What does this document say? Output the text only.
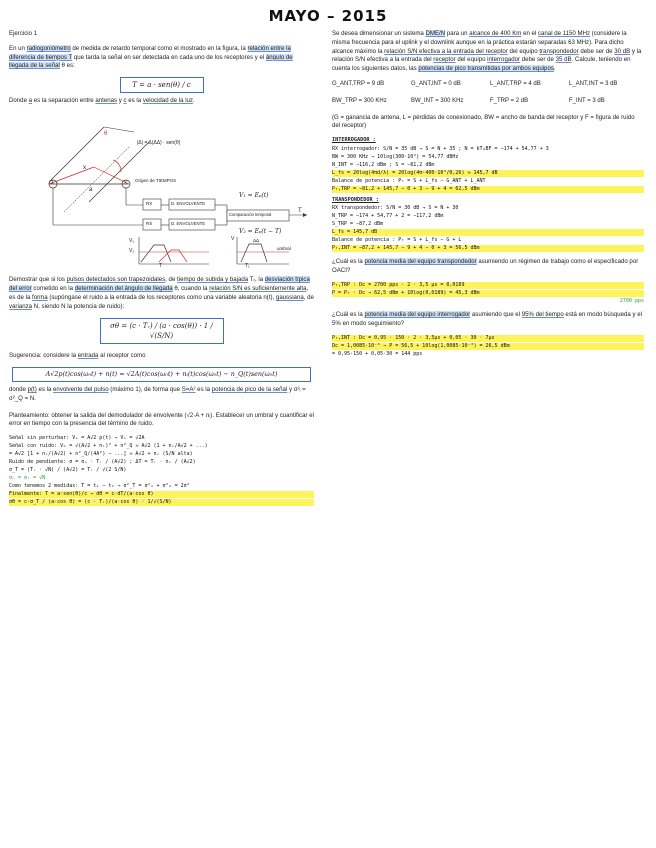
MAYO – 2015

Ejercicio 1

En un radiogoniómetro de medida de retardo temporal como el mostrado en la figura, la relación entre la diferencia de tiempos T que tarda la señal en ser detectada en cada uno de los receptores y el ángulo de llegada de la señal θ es:

T = a · sen(θ) / c

Donde a es la separación entre antenas y c es la velocidad de la luz.

|Δ| = Δ(ΔΔ) · sen(θ)
Origen de TIEMPOS
θ
a
x
1	2
RX
RX
D. ENVOLVENTE
D. ENVOLVENTE
Comparación temporal
V₁ = Eₚ(t)
V₂ = Eₚ(t − T)
T
V₁
V₂
T
V
umbral
T₁
ΔΔ

Demostrar que si los pulsos detectados son trapezoidales, de tiempo de subida y bajada Tᵣ, la desviación típica del error cometido en la determinación del ángulo de llegada θ, cuando la relación S/N es suficientemente alta, es de la forma (supóngase el ruido a la entrada de los receptores como una variable aleatoria n(t), gaussiana, de varianza N, siendo N la potencia de ruido):

σθ = (c · Tᵣ) / (a · cos(θ)) · 1 / √(S/N)

Sugerencia: considere la entrada al receptor como

A√2p(t)cos(ω₀t) + n(t) = √2A(t)cos(ω₀t) + nᵢ(t)cos(ω₀t) − n_Q(t)sen(ω₀t)

donde p(t) es la envolvente del pulso (máximo 1), de forma que S=A² es la potencia de pico de la señal y σ²ᵢ = σ²_Q = N.

Planteamiento: obtener la salida del demodulador de envolvente (√2·A + nᵢ). Establecer un umbral y cuantificar el error en tiempo con la presencia del término de ruido.

Señal sin perturbar: Vₛ = A√2 p(t) → Vₛ = √2A
Señal con ruido: Vₘ = √(A√2 + nᵢ)² + n²_Q ≈ A√2 (1 + nᵢ/A√2 + ...)
= A√2 [1 + nᵢ/(A√2) + n²_Q/(4A²) − ...] ≈ A√2 + nᵢ (S/N alta)
Ruido de pendiente: σ = σₙ · Tᵣ / (A√2) ; ΔT = Tᵣ · nᵢ / (A√2)
σ_T = (Tᵣ · √N) / (A√2) = Tᵣ / √(2 S/N)
σₙ = σᵢ = √N
Como tenemos 2 medidas: T = t₁ − t₂ → σ²_T = σ²₁ + σ²₂ = 2σ²
Finalmente: T = a·sen(θ)/c → dθ = c·dT/(a·cos θ)
σθ = c·σ_T / (a·cos θ) = (c · Tᵣ)/(a·cos θ) · 1/√(S/N)

Se desea dimensionar un sistema DME/N para un alcance de 400 Km en el canal de 1150 MHz (considere la misma frecuencia para el uplink y el downlink aunque en la práctica estarán separadas 63 MHz). Para dicho alcance máximo la relación S/N efectiva a la entrada del receptor del equipo transpondedor debe ser de 30 dB y la relación S/N efectiva a la entrada del receptor del equipo interrogador debe ser de 35 dB. Calcule, teniendo en cuenta los siguientes datos, las potencias de pico transmitidas por ambos equipos.

G_ANT,TRP = 9 dB	G_ANT,INT = 0 dB	L_ANT,TRP = 4 dB	L_ANT,INT = 3 dB
BW_TRP = 300 KHz	BW_INT = 300 KHz	F_TRP = 2 dB	F_INT = 3 dB

(G = ganancia de antena, L = pérdidas de conexionado, BW = ancho de banda del receptor y F = figura de ruido del receptor)

INTERROGADOR :
RX interrogador: S/N = 35 dB → S = N + 35 ; N = kT₀BF = −174 + 54,77 + 3
BW = 300 KHz → 10log(300·10³) = 54,77 dBHz
N_INT = −116,2 dBm ; S = −81,2 dBm
L_fs = 20log(4πd/λ) = 20log(4π·400·10³/0,26) ≈ 145,7 dB
Balance de potencia : Pₜ = S + L_fs − G_ANT + L_ANT
Pₜ,TRP = −81,2 + 145,7 − 0 + 3 − 9 + 4 = 62,5 dBm
TRANSPONDEDOR :
RX transpondedor: S/N = 30 dB → S = N + 30
N_TRP = −174 + 54,77 + 2 = −117,2 dBm
S_TRP = −87,2 dBm
L_fs = 145,7 dB
Balance de potencia : Pₜ = S + L_fs − G + L
Pₜ,INT = −87,2 + 145,7 − 9 + 4 − 0 + 3 = 56,5 dBm

¿Cuál es la potencia media del equipo transpondedor asumiendo un régimen de trabajo como el especificado por OACI?

P̄ₜ,TRP : Dc = 2700 pps · 2 · 3,5 μs = 0,0189
P̄ = Pₜ · Dc → 62,5 dBm + 10log(0,0189) = 45,3 dBm
2700 pps

¿Cuál es la potencia media del equipo interrogador asumiendo que el 95% del tiempo está en modo búsqueda y el 5% en modo seguimiento?

P̄ₜ,INT : Dc = 0,95 · 150 · 2 · 3,5μs + 0,05 · 30 · 7μs
Dc = 1,0085·10⁻³ → P̄ = 56,5 + 10log(1,0085·10⁻³) = 26,5 dBm
= 0,95·150 + 0,05·30 = 144 pps
